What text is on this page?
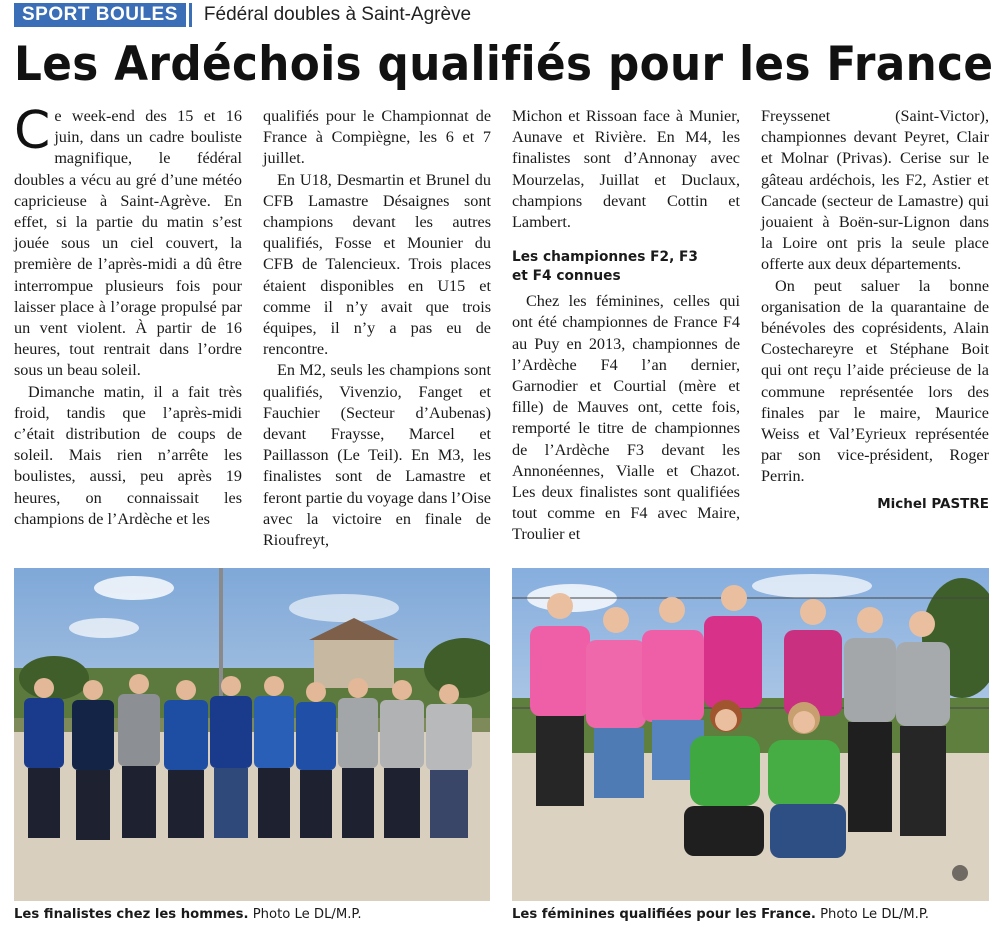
SPORT BOULES	Fédéral doubles à Saint-Agrève
Les Ardéchois qualifiés pour les France

Ce week-end des 15 et 16 juin, dans un cadre bouliste magnifique, le fédéral doubles a vécu au gré d’une météo capricieuse à Saint-Agrève. En effet, si la partie du matin s’est jouée sous un ciel couvert, la première de l’après-midi a dû être interrompue plusieurs fois pour laisser place à l’orage propulsé par un vent violent. À partir de 16 heures, tout rentrait dans l’ordre sous un beau soleil.

Dimanche matin, il a fait très froid, tandis que l’après-midi c’était distribution de coups de soleil. Mais rien n’arrête les boulistes, aussi, peu après 19 heures, on connaissait les champions de l’Ardèche et les

qualifiés pour le Championnat de France à Compiègne, les 6 et 7 juillet.

En U18, Desmartin et Brunel du CFB Lamastre Désaignes sont champions devant les autres qualifiés, Fosse et Mounier du CFB de Talencieux. Trois places étaient disponibles en U15 et comme il n’y avait que trois équipes, il n’y a pas eu de rencontre.

En M2, seuls les champions sont qualifiés, Vivenzio, Fanget et Fauchier (Secteur d’Aubenas) devant Fraysse, Marcel et Paillasson (Le Teil). En M3, les finalistes sont de Lamastre et feront partie du voyage dans l’Oise avec la victoire en finale de Rioufreyt,

Michon et Rissoan face à Munier, Aunave et Rivière. En M4, les finalistes sont d’Annonay avec Mourzelas, Juillat et Duclaux, champions devant Cottin et Lambert.

Les championnes F2, F3
et F4 connues

Chez les féminines, celles qui ont été championnes de France F4 au Puy en 2013, championnes de l’Ardèche F4 l’an dernier, Garnodier et Courtial (mère et fille) de Mauves ont, cette fois, remporté le titre de championnes de l’Ardèche F3 devant les Annonéennes, Vialle et Chazot. Les deux finalistes sont qualifiées tout comme en F4 avec Maire, Troulier et

Freyssenet (Saint-Victor), championnes devant Peyret, Clair et Molnar (Privas). Cerise sur le gâteau ardéchois, les F2, Astier et Cancade (secteur de Lamastre) qui jouaient à Boën-sur-Lignon dans la Loire ont pris la seule place offerte aux deux départements.

On peut saluer la bonne organisation de la quarantaine de bénévoles des coprésidents, Alain Costechareyre et Stéphane Boit qui ont reçu l’aide précieuse de la commune représentée lors des finales par le maire, Maurice Weiss et Val’Eyrieux représentée par son vice-président, Roger Perrin.

Michel PASTRE
Les finalistes chez les hommes. Photo Le DL/M.P.	Les féminines qualifiées pour les France. Photo Le DL/M.P.
